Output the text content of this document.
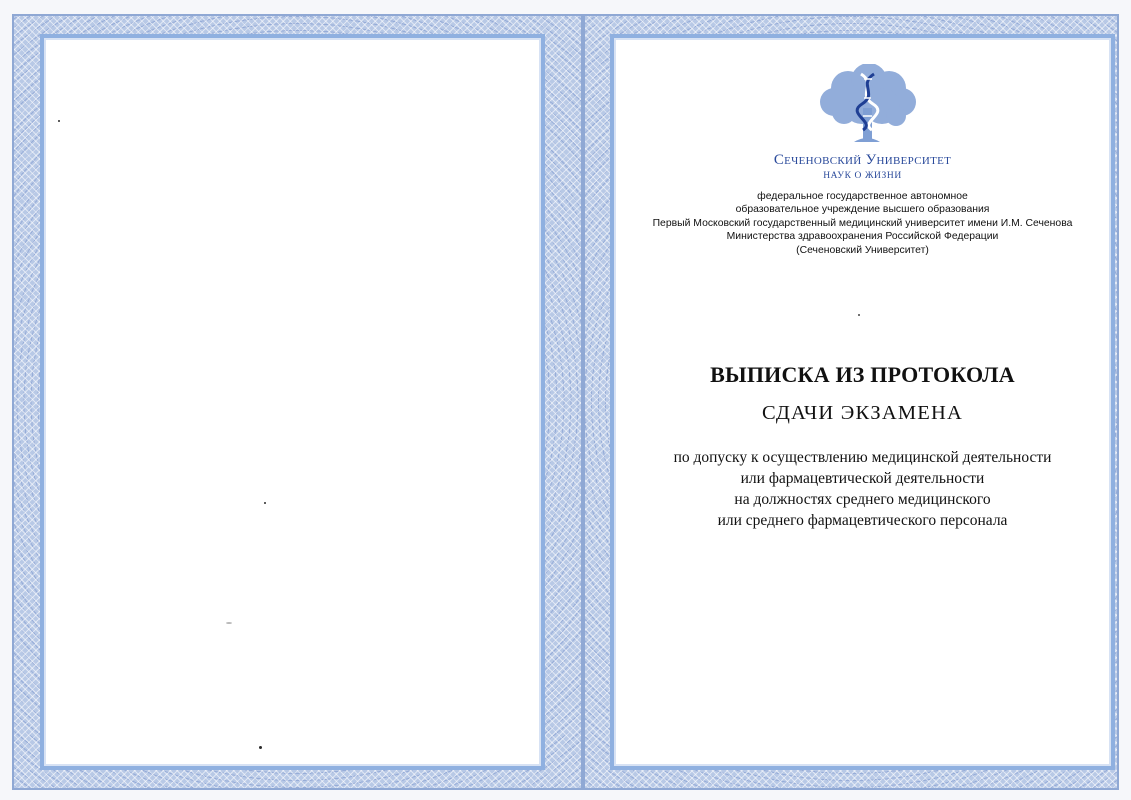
Сеченовский Университет
НАУК О ЖИЗНИ
федеральное государственное автономное
образовательное учреждение высшего образования
Первый Московский государственный медицинский университет имени И.М. Сеченова
Министерства здравоохранения Российской Федерации
(Сеченовский Университет)
ВЫПИСКА ИЗ ПРОТОКОЛА
СДАЧИ ЭКЗАМЕНА
по допуску к осуществлению медицинской деятельности
или фармацевтической деятельности
на должностях среднего медицинского
или среднего фармацевтического персонала
